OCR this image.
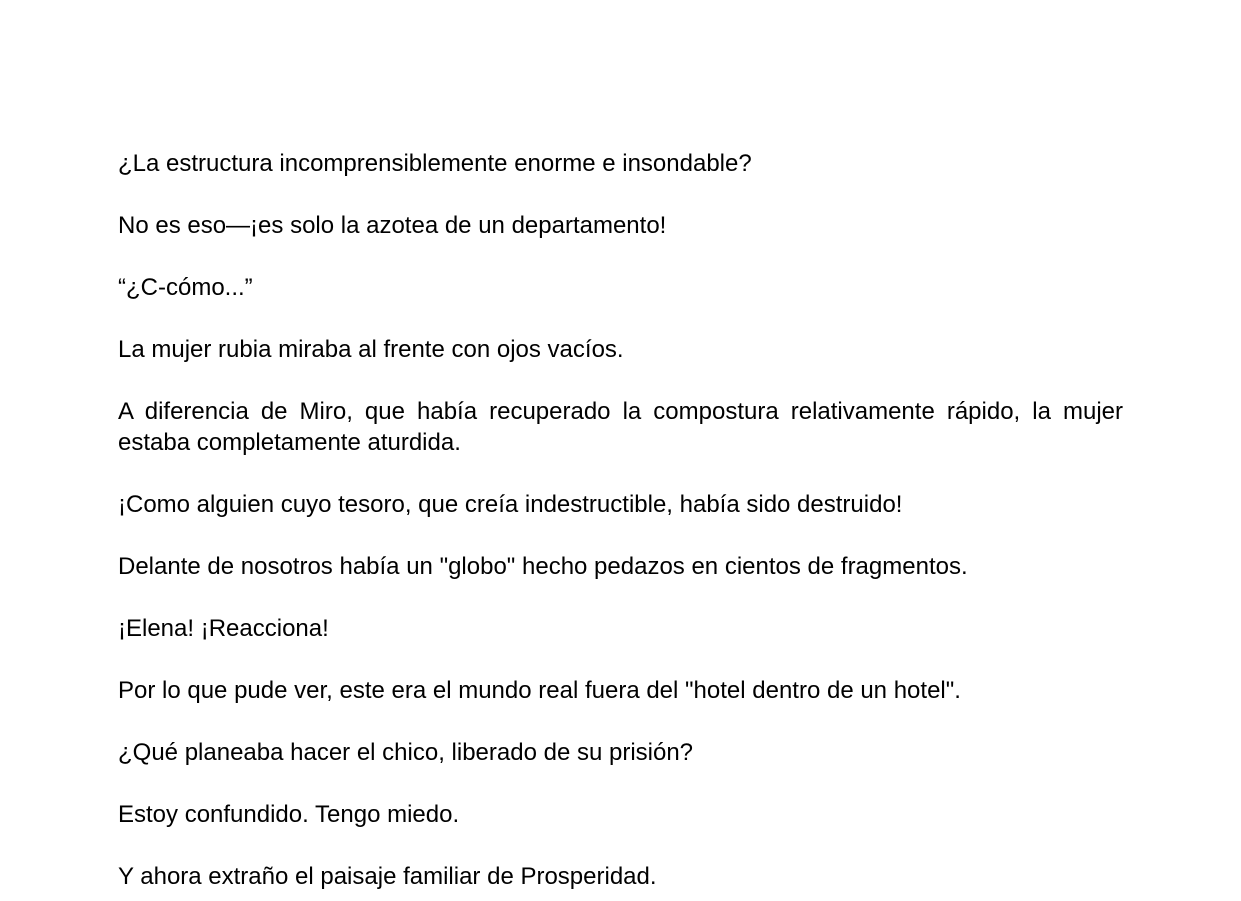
¿La estructura incomprensiblemente enorme e insondable?

No es eso—¡es solo la azotea de un departamento!

“¿C-cómo...”

La mujer rubia miraba al frente con ojos vacíos.

A diferencia de Miro, que había recuperado la compostura relativamente rápido, la mujer estaba completamente aturdida.

¡Como alguien cuyo tesoro, que creía indestructible, había sido destruido!

Delante de nosotros había un "globo" hecho pedazos en cientos de fragmentos.

¡Elena! ¡Reacciona!

Por lo que pude ver, este era el mundo real fuera del "hotel dentro de un hotel".

¿Qué planeaba hacer el chico, liberado de su prisión?

Estoy confundido. Tengo miedo.

Y ahora extraño el paisaje familiar de Prosperidad.
